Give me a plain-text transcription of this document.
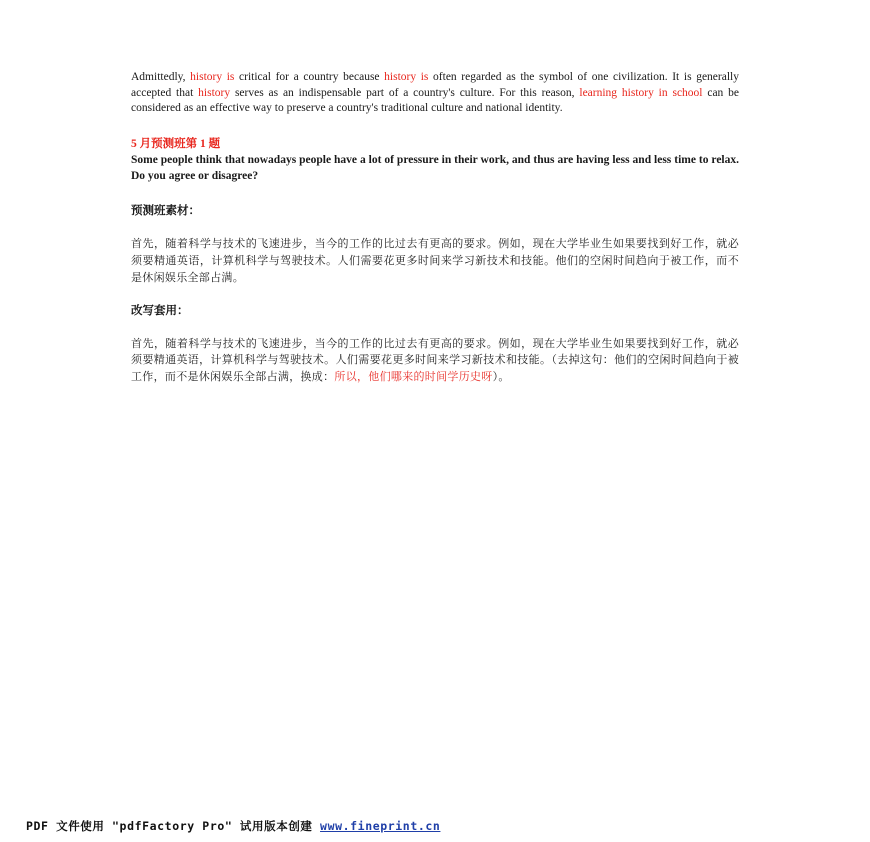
Admittedly, history is critical for a country because history is often regarded as the symbol of one civilization. It is generally accepted that history serves as an indispensable part of a country's culture. For this reason, learning history in school can be considered as an effective way to preserve a country's traditional culture and national identity.

5 月预测班第 1 题

Some people think that nowadays people have a lot of pressure in their work, and thus are having less and less time to relax. Do you agree or disagree?

预测班素材：

首先，随着科学与技术的飞速进步，当今的工作的比过去有更高的要求。例如，现在大学毕业生如果要找到好工作，就必须要精通英语，计算机科学与驾驶技术。人们需要花更多时间来学习新技术和技能。他们的空闲时间趋向于被工作，而不是休闲娱乐全部占满。

改写套用：

首先，随着科学与技术的飞速进步，当今的工作的比过去有更高的要求。例如，现在大学毕业生如果要找到好工作，就必须要精通英语，计算机科学与驾驶技术。人们需要花更多时间来学习新技术和技能。（去掉这句：他们的空闲时间趋向于被工作，而不是休闲娱乐全部占满，换成：所以，他们哪来的时间学历史呀）。

PDF 文件使用 "pdfFactory Pro" 试用版本创建 www.fineprint.cn
